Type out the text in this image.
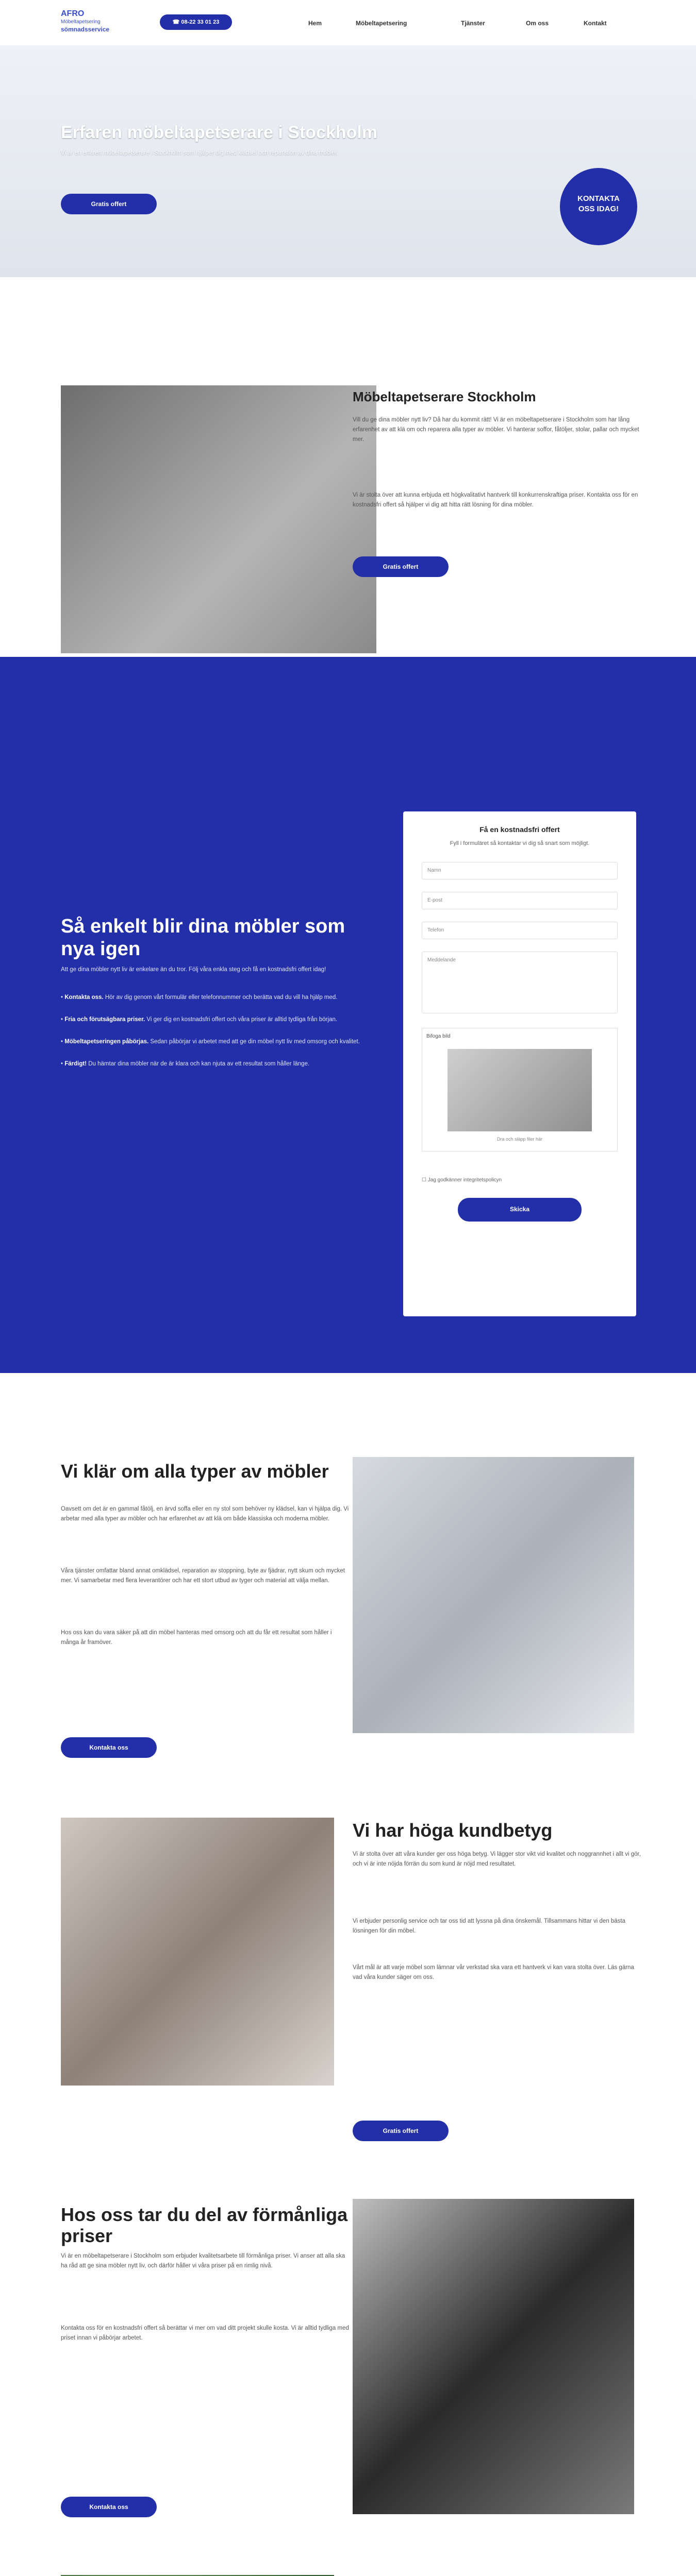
AFRO
Möbeltapetsering
sömnadsservice
☎ 08-22 33 01 23	Hem	Möbeltapetsering	Tjänster	Om oss	Kontakt
Erfaren möbeltapetserare i Stockholm

Vi är en erfaren möbeltapetserare i Stockholm som hjälper dig med klädsel och reparation av dina möbler.

Gratis offert
KONTAKTA OSS IDAG!
Möbeltapetserare Stockholm

Vill du ge dina möbler nytt liv? Då har du kommit rätt! Vi är en möbeltapetserare i Stockholm som har lång erfarenhet av att klä om och reparera alla typer av möbler. Vi hanterar soffor, fåtöljer, stolar, pallar och mycket mer.

Vi är stolta över att kunna erbjuda ett högkvalitativt hantverk till konkurrenskraftiga priser. Kontakta oss för en kostnadsfri offert så hjälper vi dig att hitta rätt lösning för dina möbler.

Gratis offert
Så enkelt blir dina möbler som nya igen

Att ge dina möbler nytt liv är enkelare än du tror. Följ våra enkla steg och få en kostnadsfri offert idag!

• Kontakta oss. Hör av dig genom vårt formulär eller telefonnummer och berätta vad du vill ha hjälp med.
• Fria och förutsägbara priser. Vi ger dig en kostnadsfri offert och våra priser är alltid tydliga från början.
• Möbeltapetseringen påbörjas. Sedan påbörjar vi arbetet med att ge din möbel nytt liv med omsorg och kvalitet.
• Färdigt! Du hämtar dina möbler när de är klara och kan njuta av ett resultat som håller länge.
Få en kostnadsfri offert
Fyll i formuläret så kontaktar vi dig så snart som möjligt.
Namn
E-post
Telefon
Meddelande
Bifoga bild
Dra och släpp filer här
☐ Jag godkänner integritetspolicyn
Skicka
Vi klär om alla typer av möbler

Oavsett om det är en gammal fåtölj, en ärvd soffa eller en ny stol som behöver ny klädsel, kan vi hjälpa dig. Vi arbetar med alla typer av möbler och har erfarenhet av att klä om både klassiska och moderna möbler.

Våra tjänster omfattar bland annat omklädsel, reparation av stoppning, byte av fjädrar, nytt skum och mycket mer. Vi samarbetar med flera leverantörer och har ett stort utbud av tyger och material att välja mellan.

Hos oss kan du vara säker på att din möbel hanteras med omsorg och att du får ett resultat som håller i många år framöver.

Kontakta oss
Vi har höga kundbetyg

Vi är stolta över att våra kunder ger oss höga betyg. Vi lägger stor vikt vid kvalitet och noggrannhet i allt vi gör, och vi är inte nöjda förrän du som kund är nöjd med resultatet.

Vi erbjuder personlig service och tar oss tid att lyssna på dina önskemål. Tillsammans hittar vi den bästa lösningen för din möbel.

Vårt mål är att varje möbel som lämnar vår verkstad ska vara ett hantverk vi kan vara stolta över. Läs gärna vad våra kunder säger om oss.

Gratis offert
Hos oss tar du del av förmånliga priser

Vi är en möbeltapetserare i Stockholm som erbjuder kvalitetsarbete till förmånliga priser. Vi anser att alla ska ha råd att ge sina möbler nytt liv, och därför håller vi våra priser på en rimlig nivå.

Kontakta oss för en kostnadsfri offert så berättar vi mer om vad ditt projekt skulle kosta. Vi är alltid tydliga med priset innan vi påbörjar arbetet.

Kontakta oss
